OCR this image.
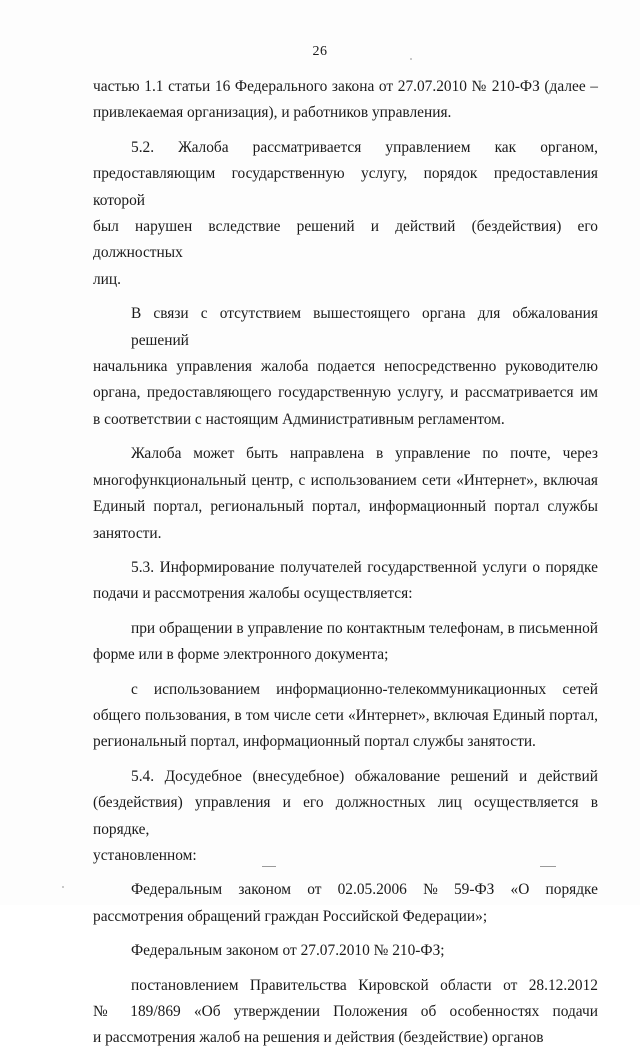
26
частью 1.1 статьи 16 Федерального закона от 27.07.2010 № 210-ФЗ (далее –
привлекаемая организация), и работников управления.
5.2. Жалоба рассматривается управлением как органом,
предоставляющим государственную услугу, порядок предоставления которой
был нарушен вследствие решений и действий (бездействия) его должностных
лиц.
В связи с отсутствием вышестоящего органа для обжалования решений
начальника управления жалоба подается непосредственно руководителю
органа, предоставляющего государственную услугу, и рассматривается им
в соответствии с настоящим Административным регламентом.
Жалоба может быть направлена в управление по почте, через
многофункциональный центр, с использованием сети «Интернет», включая
Единый портал, региональный портал, информационный портал службы
занятости.
5.3. Информирование получателей государственной услуги о порядке
подачи и рассмотрения жалобы осуществляется:
при обращении в управление по контактным телефонам, в письменной
форме или в форме электронного документа;
с использованием информационно-телекоммуникационных сетей
общего пользования, в том числе сети «Интернет», включая Единый портал,
региональный портал, информационный портал службы занятости.
5.4. Досудебное (внесудебное) обжалование решений и действий
(бездействия) управления и его должностных лиц осуществляется в порядке,
установленном:
Федеральным законом от 02.05.2006 № 59-ФЗ «О порядке
рассмотрения обращений граждан Российской Федерации»;
Федеральным законом от 27.07.2010 № 210-ФЗ;
постановлением Правительства Кировской области от 28.12.2012
№ 189/869 «Об утверждении Положения об особенностях подачи
и рассмотрения жалоб на решения и действия (бездействие) органов
